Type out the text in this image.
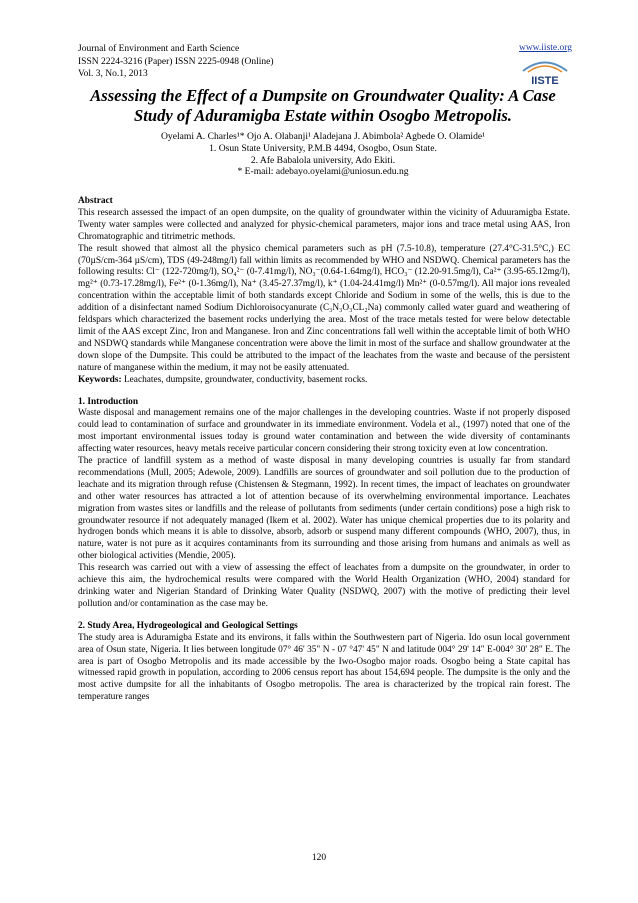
Journal of Environment and Earth Science
ISSN 2224-3216 (Paper) ISSN 2225-0948 (Online)
Vol. 3, No.1, 2013
www.iiste.org
IISTE
Assessing the Effect of a Dumpsite on Groundwater Quality: A Case Study of Aduramigba Estate within Osogbo Metropolis.
Oyelami A. Charles¹* Ojo A. Olabanji¹ Aladejana J. Abimbola² Agbede O. Olamide¹
1. Osun State University, P.M.B 4494, Osogbo, Osun State.
2. Afe Babalola university, Ado Ekiti.
* E-mail: adebayo.oyelami@uniosun.edu.ng

Abstract

This research assessed the impact of an open dumpsite, on the quality of groundwater within the vicinity of Aduuramigba Estate. Twenty water samples were collected and analyzed for physic-chemical parameters, major ions and trace metal using AAS, Iron Chromatographic and titrimetric methods.

The result showed that almost all the physico chemical parameters such as pH (7.5-10.8), temperature (27.4°C-31.5°C,) EC (70µS/cm-364 µS/cm), TDS (49-248mg/l) fall within limits as recommended by WHO and NSDWQ. Chemical parameters has the following results: Cl⁻ (122-720mg/l), SO₄²⁻ (0-7.41mg/l), NO₃⁻(0.64-1.64mg/l), HCO₃⁻ (12.20-91.5mg/l), Ca²⁺ (3.95-65.12mg/l), mg²⁺ (0.73-17.28mg/l), Fe²⁺ (0-1.36mg/l), Na⁺ (3.45-27.37mg/l), k⁺ (1.04-24.41mg/l) Mn²⁺ (0-0.57mg/l). All major ions revealed concentration within the acceptable limit of both standards except Chloride and Sodium in some of the wells, this is due to the addition of a disinfectant named Sodium Dichloroisocyanurate (C₃N₃O₃CL₂Na) commonly called water guard and weathering of feldspars which characterized the basement rocks underlying the area. Most of the trace metals tested for were below detectable limit of the AAS except Zinc, Iron and Manganese. Iron and Zinc concentrations fall well within the acceptable limit of both WHO and NSDWQ standards while Manganese concentration were above the limit in most of the surface and shallow groundwater at the down slope of the Dumpsite. This could be attributed to the impact of the leachates from the waste and because of the persistent nature of manganese within the medium, it may not be easily attenuated.

Keywords: Leachates, dumpsite, groundwater, conductivity, basement rocks.

1. Introduction

Waste disposal and management remains one of the major challenges in the developing countries. Waste if not properly disposed could lead to contamination of surface and groundwater in its immediate environment. Vodela et al., (1997) noted that one of the most important environmental issues today is ground water contamination and between the wide diversity of contaminants affecting water resources, heavy metals receive particular concern considering their strong toxicity even at low concentration.

The practice of landfill system as a method of waste disposal in many developing countries is usually far from standard recommendations (Mull, 2005; Adewole, 2009). Landfills are sources of groundwater and soil pollution due to the production of leachate and its migration through refuse (Chistensen & Stegmann, 1992). In recent times, the impact of leachates on groundwater and other water resources has attracted a lot of attention because of its overwhelming environmental importance. Leachates migration from wastes sites or landfills and the release of pollutants from sediments (under certain conditions) pose a high risk to groundwater resource if not adequately managed (Ikem et al. 2002). Water has unique chemical properties due to its polarity and hydrogen bonds which means it is able to dissolve, absorb, adsorb or suspend many different compounds (WHO, 2007), thus, in nature, water is not pure as it acquires contaminants from its surrounding and those arising from humans and animals as well as other biological activities (Mendie, 2005).

This research was carried out with a view of assessing the effect of leachates from a dumpsite on the groundwater, in order to achieve this aim, the hydrochemical results were compared with the World Health Organization (WHO, 2004) standard for drinking water and Nigerian Standard of Drinking Water Quality (NSDWQ, 2007) with the motive of predicting their level pollution and/or contamination as the case may be.

2. Study Area, Hydrogeological and Geological Settings

The study area is Aduramigba Estate and its environs, it falls within the Southwestern part of Nigeria. Ido osun local government area of Osun state, Nigeria. It lies between longitude 07° 46' 35" N - 07 °47' 45" N and latitude 004° 29' 14" E-004° 30' 28" E. The area is part of Osogbo Metropolis and its made accessible by the Iwo-Osogbo major roads. Osogbo being a State capital has witnessed rapid growth in population, according to 2006 census report has about 154,694 people. The dumpsite is the only and the most active dumpsite for all the inhabitants of Osogbo metropolis. The area is characterized by the tropical rain forest. The temperature ranges

120
